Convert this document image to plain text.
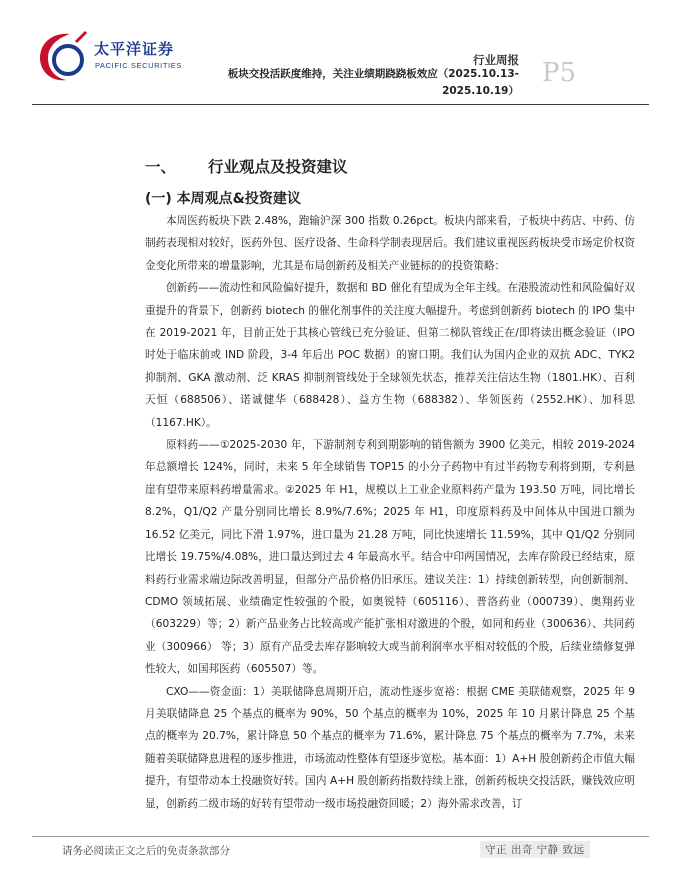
太平洋证券
PACIFIC SECURITIES	行业周报
板块交投活跃度维持，关注业绩期跷跷板效应（2025.10.13-2025.10.19）
P5
一、 行业观点及投资建议
(一) 本周观点&投资建议

本周医药板块下跌 2.48%，跑输沪深 300 指数 0.26pct。板块内部来看，子板块中药店、中药、仿制药表现相对较好，医药外包、医疗设备、生命科学制表现居后。我们建议重视医药板块受市场定价权资金变化所带来的增量影响，尤其是布局创新药及相关产业链标的的投资策略：

创新药——流动性和风险偏好提升，数据和 BD 催化有望成为全年主线。在港股流动性和风险偏好双重提升的背景下，创新药 biotech 的催化剂事件的关注度大幅提升。考虑到创新药 biotech 的 IPO 集中在 2019-2021 年，目前正处于其核心管线已充分验证、但第二梯队管线正在/即将读出概念验证（IPO 时处于临床前或 IND 阶段，3-4 年后出 POC 数据）的窗口期。我们认为国内企业的双抗 ADC、TYK2 抑制剂、GKA 激动剂、泛 KRAS 抑制剂管线处于全球领先状态，推荐关注信达生物（1801.HK）、百利天恒（688506）、诺诚健华（688428）、益方生物（688382）、华领医药（2552.HK）、加科思（1167.HK）。

原料药——①2025-2030 年，下游制剂专利到期影响的销售额为 3900 亿美元，相较 2019-2024 年总额增长 124%，同时，未来 5 年全球销售 TOP15 的小分子药物中有过半药物专利将到期，专利悬崖有望带来原料药增量需求。②2025 年 H1，规模以上工业企业原料药产量为 193.50 万吨，同比增长 8.2%，Q1/Q2 产量分别同比增长 8.9%/7.6%；2025 年 H1，印度原料药及中间体从中国进口额为 16.52 亿美元，同比下滑 1.97%，进口量为 21.28 万吨，同比快速增长 11.59%，其中 Q1/Q2 分别同比增长 19.75%/4.08%，进口量达到过去 4 年最高水平。结合中印两国情况，去库存阶段已经结束，原料药行业需求端边际改善明显，但部分产品价格仍旧承压。建议关注：1）持续创新转型，向创新制剂、CDMO 领域拓展、业绩确定性较强的个股，如奥锐特（605116）、普洛药业（000739）、奥翔药业（603229）等；2）新产品业务占比较高或产能扩张相对激进的个股，如同和药业（300636）、共同药业（300966） 等；3）原有产品受去库存影响较大或当前利润率水平相对较低的个股，后续业绩修复弹性较大，如国邦医药（605507）等。

CXO——资金面：1）美联储降息周期开启，流动性逐步宽裕：根据 CME 美联储观察，2025 年 9 月美联储降息 25 个基点的概率为 90%，50 个基点的概率为 10%，2025 年 10 月累计降息 25 个基点的概率为 20.7%，累计降息 50 个基点的概率为 71.6%，累计降息 75 个基点的概率为 7.7%，未来随着美联储降息进程的逐步推进，市场流动性整体有望逐步宽松。基本面：1）A+H 股创新药企市值大幅提升，有望带动本土投融资好转。国内 A+H 股创新药指数持续上涨，创新药板块交投活跃，赚钱效应明显，创新药二级市场的好转有望带动一级市场投融资回暖；2）海外需求改善，订

请务必阅读正文之后的免责条款部分	守正 出奇 宁静 致远
